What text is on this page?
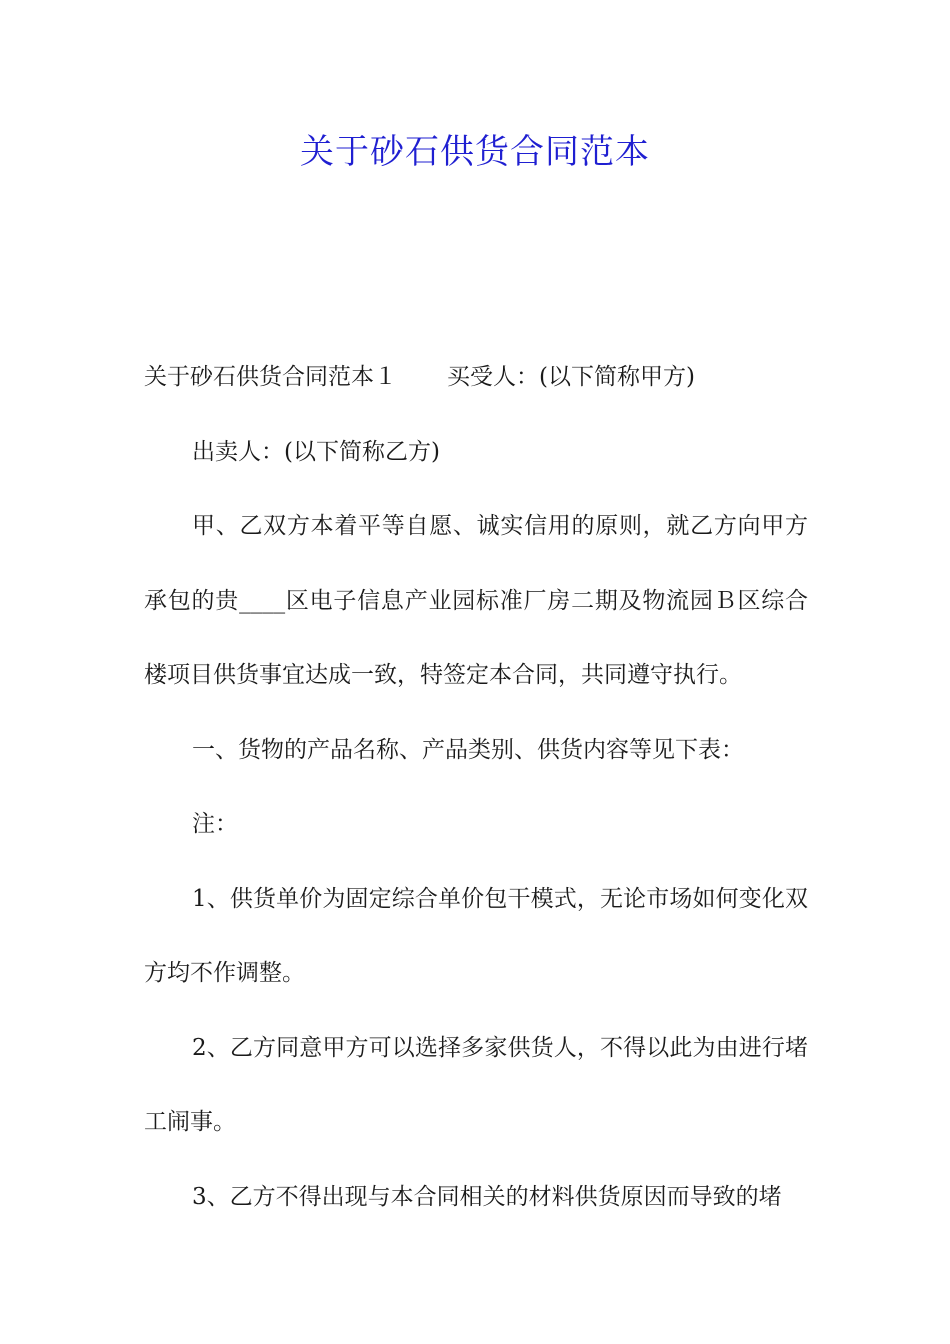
关于砂石供货合同范本

关于砂石供货合同范本１ 买受人：(以下简称甲方)

出卖人：(以下简称乙方)

甲、乙双方本着平等自愿、诚实信用的原则，就乙方向甲方承包的贵____区电子信息产业园标准厂房二期及物流园Ｂ区综合楼项目供货事宜达成一致，特签定本合同，共同遵守执行。

一、货物的产品名称、产品类别、供货内容等见下表：

注：

1、供货单价为固定综合单价包干模式，无论市场如何变化双方均不作调整。

2、乙方同意甲方可以选择多家供货人，不得以此为由进行堵工闹事。

3、乙方不得出现与本合同相关的材料供货原因而导致的堵
